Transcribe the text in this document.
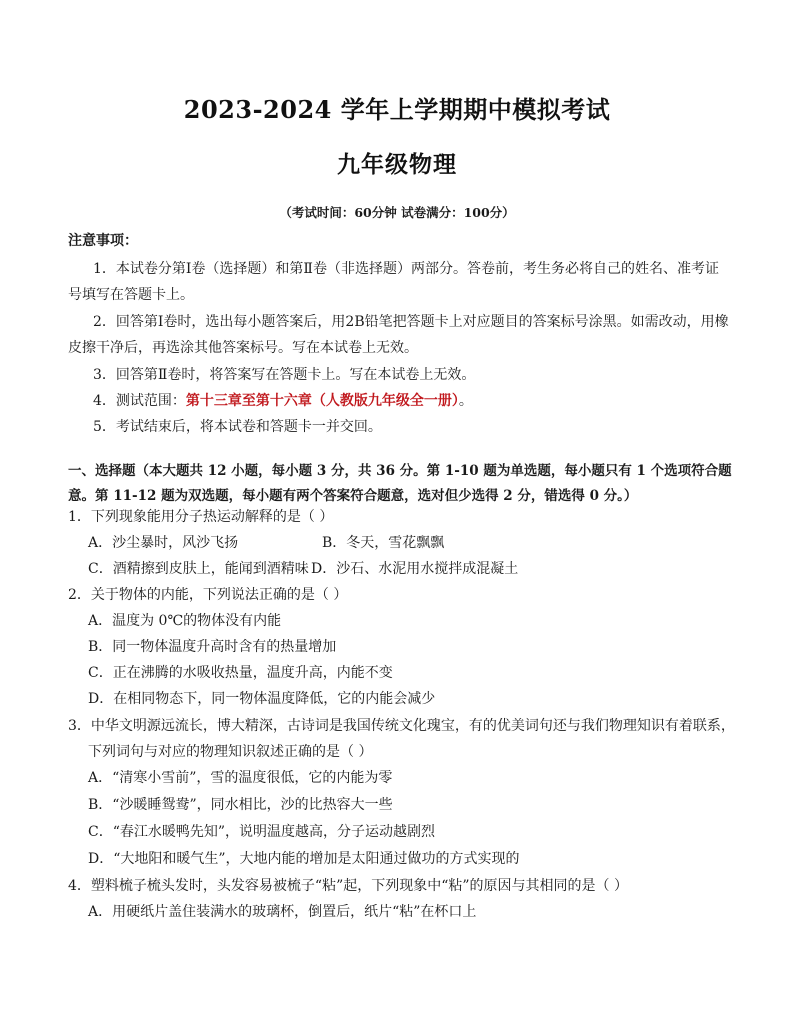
2023-2024 学年上学期期中模拟考试
九年级物理
（考试时间：60分钟 试卷满分：100分）
注意事项：
1．本试卷分第Ⅰ卷（选择题）和第Ⅱ卷（非选择题）两部分。答卷前，考生务必将自己的姓名、准考证
号填写在答题卡上。
2．回答第Ⅰ卷时，选出每小题答案后，用2B铅笔把答题卡上对应题目的答案标号涂黑。如需改动，用橡
皮擦干净后，再选涂其他答案标号。写在本试卷上无效。
3．回答第Ⅱ卷时，将答案写在答题卡上。写在本试卷上无效。
4．测试范围：第十三章至第十六章（人教版九年级全一册）。
5．考试结束后，将本试卷和答题卡一并交回。
一、选择题（本大题共 12 小题，每小题 3 分，共 36 分。第 1-10 题为单选题，每小题只有 1 个选项符合题
意。第 11-12 题为双选题，每小题有两个答案符合题意，选对但少选得 2 分，错选得 0 分。）
1．下列现象能用分子热运动解释的是（ ）
A．沙尘暴时，风沙飞扬	B．冬天，雪花飘飘
C．酒精擦到皮肤上，能闻到酒精味 D．沙石、水泥用水搅拌成混凝土
2．关于物体的内能，下列说法正确的是（ ）
A．温度为 0℃的物体没有内能
B．同一物体温度升高时含有的热量增加
C．正在沸腾的水吸收热量，温度升高，内能不变
D．在相同物态下，同一物体温度降低，它的内能会减少
3．中华文明源远流长，博大精深，古诗词是我国传统文化瑰宝，有的优美词句还与我们物理知识有着联系，
下列词句与对应的物理知识叙述正确的是（ ）
A．“清寒小雪前”，雪的温度很低，它的内能为零
B．“沙暖睡鸳鸯”，同水相比，沙的比热容大一些
C．“春江水暖鸭先知”，说明温度越高，分子运动越剧烈
D．“大地阳和暖气生”，大地内能的增加是太阳通过做功的方式实现的
4．塑料梳子梳头发时，头发容易被梳子“粘”起，下列现象中“粘”的原因与其相同的是（ ）
A．用硬纸片盖住装满水的玻璃杯，倒置后，纸片“粘”在杯口上
